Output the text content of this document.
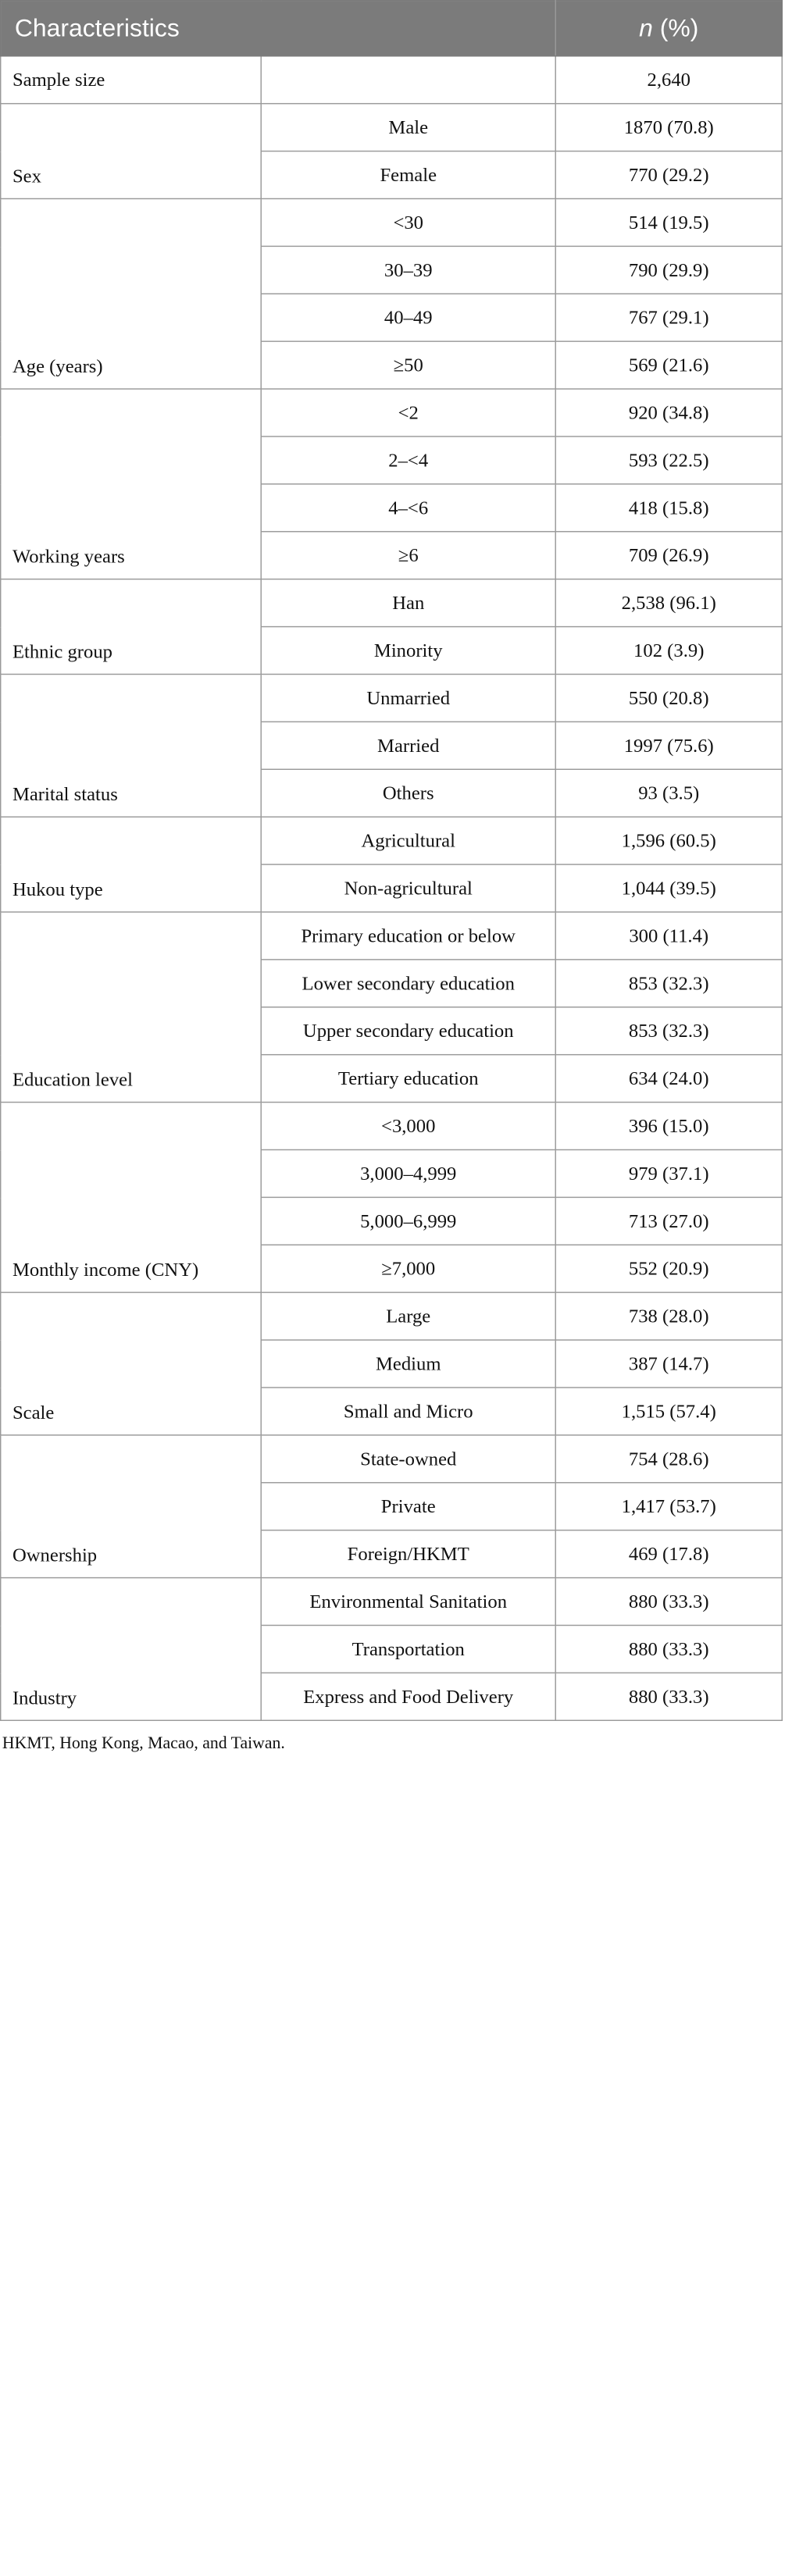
Characteristics		n (%)
Sample size		2,640
Sex	Male	1870 (70.8)
	Female	770 (29.2)
Age (years)	<30	514 (19.5)
	30–39	790 (29.9)
	40–49	767 (29.1)
	≥50	569 (21.6)
Working years	<2	920 (34.8)
	2–<4	593 (22.5)
	4–<6	418 (15.8)
	≥6	709 (26.9)
Ethnic group	Han	2,538 (96.1)
	Minority	102 (3.9)
Marital status	Unmarried	550 (20.8)
	Married	1997 (75.6)
	Others	93 (3.5)
Hukou type	Agricultural	1,596 (60.5)
	Non-agricultural	1,044 (39.5)
Education level	Primary education or below	300 (11.4)
	Lower secondary education	853 (32.3)
	Upper secondary education	853 (32.3)
	Tertiary education	634 (24.0)
Monthly income (CNY)	<3,000	396 (15.0)
	3,000–4,999	979 (37.1)
	5,000–6,999	713 (27.0)
	≥7,000	552 (20.9)
Scale	Large	738 (28.0)
	Medium	387 (14.7)
	Small and Micro	1,515 (57.4)
Ownership	State-owned	754 (28.6)
	Private	1,417 (53.7)
	Foreign/HKMT	469 (17.8)
Industry	Environmental Sanitation	880 (33.3)
	Transportation	880 (33.3)
	Express and Food Delivery	880 (33.3)
HKMT, Hong Kong, Macao, and Taiwan.
